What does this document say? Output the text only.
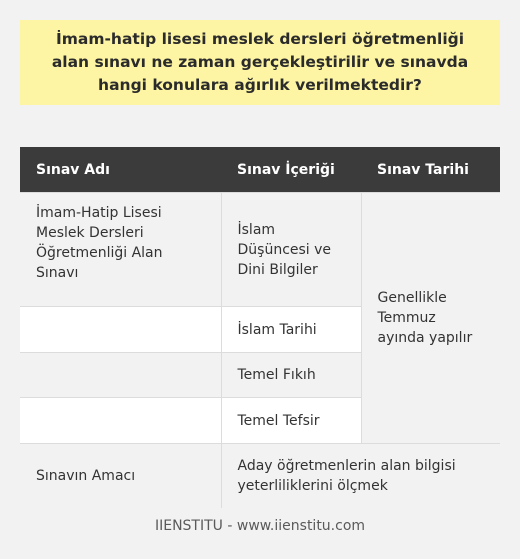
İmam-hatip lisesi meslek dersleri öğretmenliği alan sınavı ne zaman gerçekleştirilir ve sınavda hangi konulara ağırlık verilmektedir?
Sınav Adı	Sınav İçeriği	Sınav Tarihi
İmam-Hatip Lisesi Meslek Dersleri Öğretmenliği Alan Sınavı	İslam Düşüncesi ve Dini Bilgiler	Genellikle Temmuz ayında yapılır
	İslam Tarihi	
	Temel Fıkıh	
	Temel Tefsir	
Sınavın Amacı	Aday öğretmenlerin alan bilgisi yeterliliklerini ölçmek	
IIENSTITU - www.iienstitu.com
